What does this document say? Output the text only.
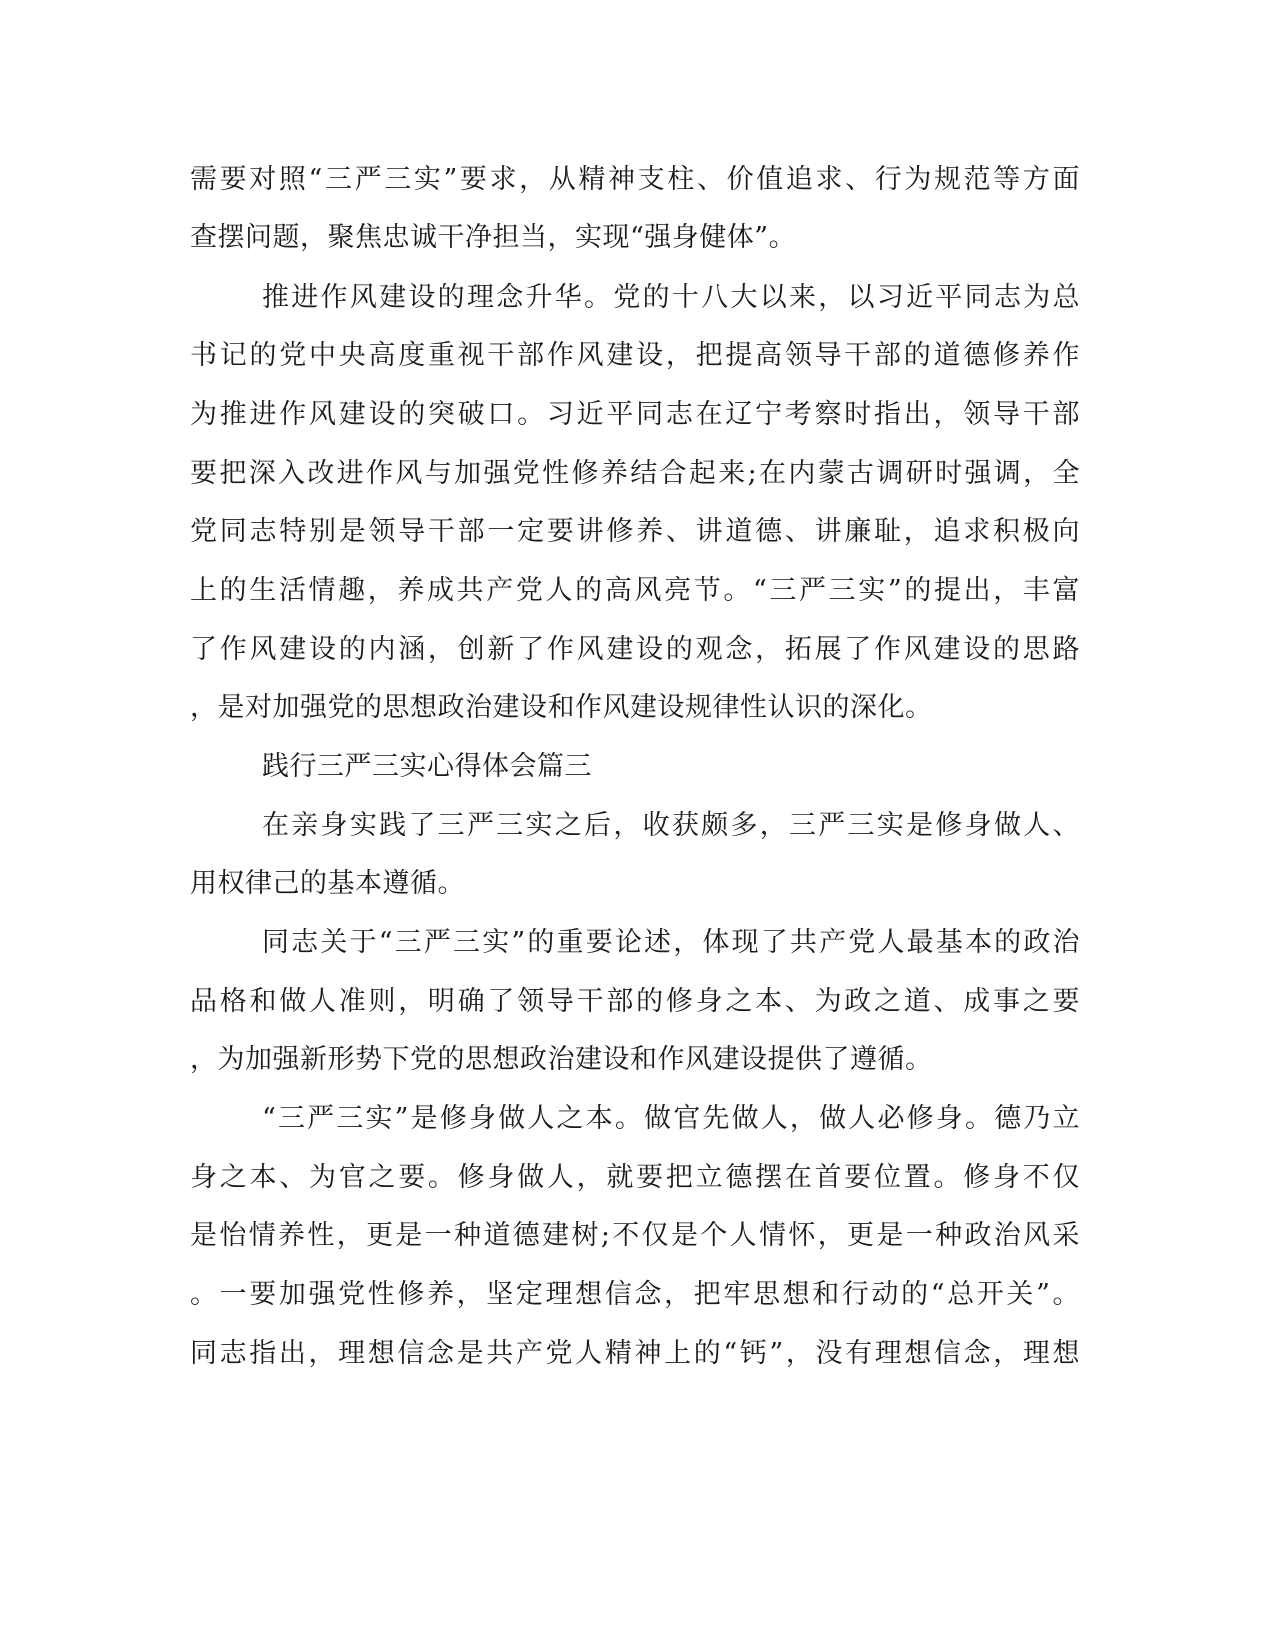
需要对照“三严三实”要求，从精神支柱、价值追求、行为规范等方面
查摆问题，聚焦忠诚干净担当，实现“强身健体”。
推进作风建设的理念升华。党的十八大以来，以习近平同志为总
书记的党中央高度重视干部作风建设，把提高领导干部的道德修养作
为推进作风建设的突破口。习近平同志在辽宁考察时指出，领导干部
要把深入改进作风与加强党性修养结合起来;在内蒙古调研时强调，全
党同志特别是领导干部一定要讲修养、讲道德、讲廉耻，追求积极向
上的生活情趣，养成共产党人的高风亮节。“三严三实”的提出，丰富
了作风建设的内涵，创新了作风建设的观念，拓展了作风建设的思路
，是对加强党的思想政治建设和作风建设规律性认识的深化。
践行三严三实心得体会篇三
在亲身实践了三严三实之后，收获颇多，三严三实是修身做人、
用权律己的基本遵循。
同志关于“三严三实”的重要论述，体现了共产党人最基本的政治
品格和做人准则，明确了领导干部的修身之本、为政之道、成事之要
，为加强新形势下党的思想政治建设和作风建设提供了遵循。
“三严三实”是修身做人之本。做官先做人，做人必修身。德乃立
身之本、为官之要。修身做人，就要把立德摆在首要位置。修身不仅
是怡情养性，更是一种道德建树;不仅是个人情怀，更是一种政治风采
。一要加强党性修养，坚定理想信念，把牢思想和行动的“总开关”。
同志指出，理想信念是共产党人精神上的“钙”，没有理想信念，理想
